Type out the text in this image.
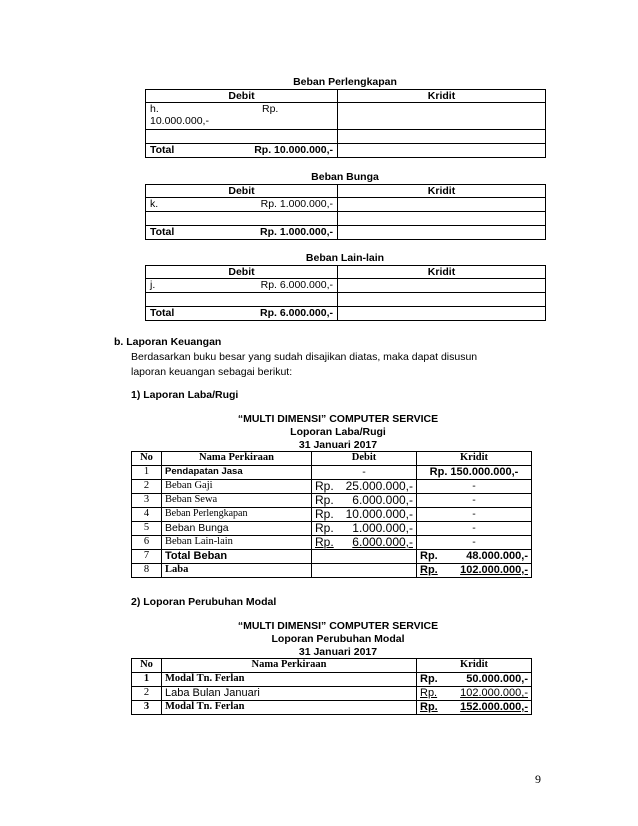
Beban Perlengkapan
Debit	Kridit

h. Rp.
10.000.000,-	

Total Rp. 10.000.000,-	

Beban Bunga
Debit	Kridit

k. Rp. 1.000.000,-	

Total Rp. 1.000.000,-	

Beban Lain-lain
Debit	Kridit

j. Rp. 6.000.000,-	

Total Rp. 6.000.000,-	

b. Laporan Keuangan
Berdasarkan buku besar yang sudah disajikan diatas, maka dapat disusun
laporan keuangan sebagai berikut:
1) Laporan Laba/Rugi
“MULTI DIMENSI” COMPUTER SERVICE
Loporan Laba/Rugi
31 Januari 2017
No	Nama Perkiraan	Debit	Kridit
1	Pendapatan Jasa	-	Rp. 150.000.000,-
2	Beban Gaji	Rp. 25.000.000,-	-
3	Beban Sewa	Rp. 6.000.000,-	-
4	Beban Perlengkapan	Rp. 10.000.000,-	-
5	Beban Bunga	Rp. 1.000.000,-	-
6	Beban Lain-lain	Rp. 6.000.000,-	-
7	Total Beban		Rp. 48.000.000,-

8	Laba		Rp. 102.000.000,-
2) Loporan Perubuhan Modal
“MULTI DIMENSI” COMPUTER SERVICE
Loporan Perubuhan Modal
31 Januari 2017
No	Nama Perkiraan	Kridit
1	Modal Tn. Ferlan	Rp. 50.000.000,-

2	Laba Bulan Januari	Rp. 102.000.000,-

3	Modal Tn. Ferlan	Rp. 152.000.000,-
9
